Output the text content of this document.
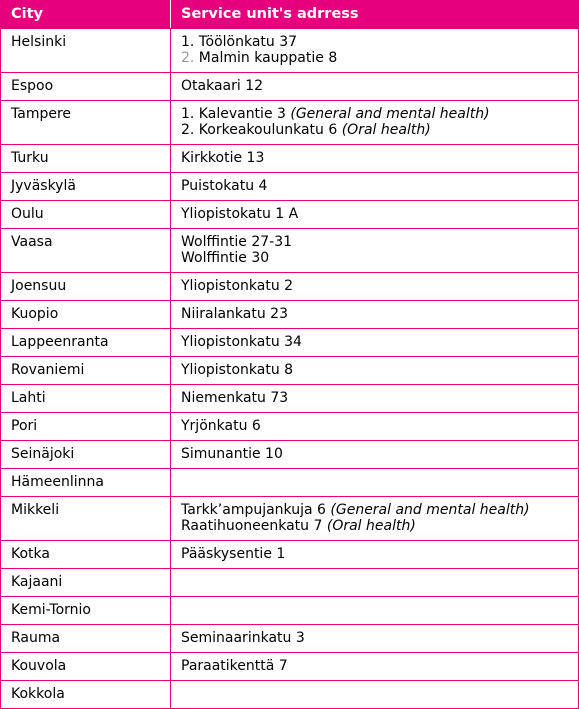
City	Service unit's adrress
Helsinki	1. Töölönkatu 37
2. Malmin kauppatie 8

Espoo	Otakaari 12

Tampere	1. Kalevantie 3 (General and mental health)
2. Korkeakoulunkatu 6 (Oral health)

Turku	Kirkkotie 13

Jyväskylä	Puistokatu 4

Oulu	Yliopistokatu 1 A

Vaasa	Wolffintie 27-31
Wolffintie 30

Joensuu	Yliopistonkatu 2

Kuopio	Niiralankatu 23

Lappeenranta	Yliopistonkatu 34

Rovaniemi	Yliopistonkatu 8

Lahti	Niemenkatu 73

Pori	Yrjönkatu 6

Seinäjoki	Simunantie 10

Hämeenlinna	
Mikkeli	Tarkk’ampujankuja 6 (General and mental health)
Raatihuoneenkatu 7 (Oral health)

Kotka	Pääskysentie 1

Kajaani	
Kemi-Tornio	
Rauma	Seminaarinkatu 3

Kouvola	Paraatikenttä 7

Kokkola	
